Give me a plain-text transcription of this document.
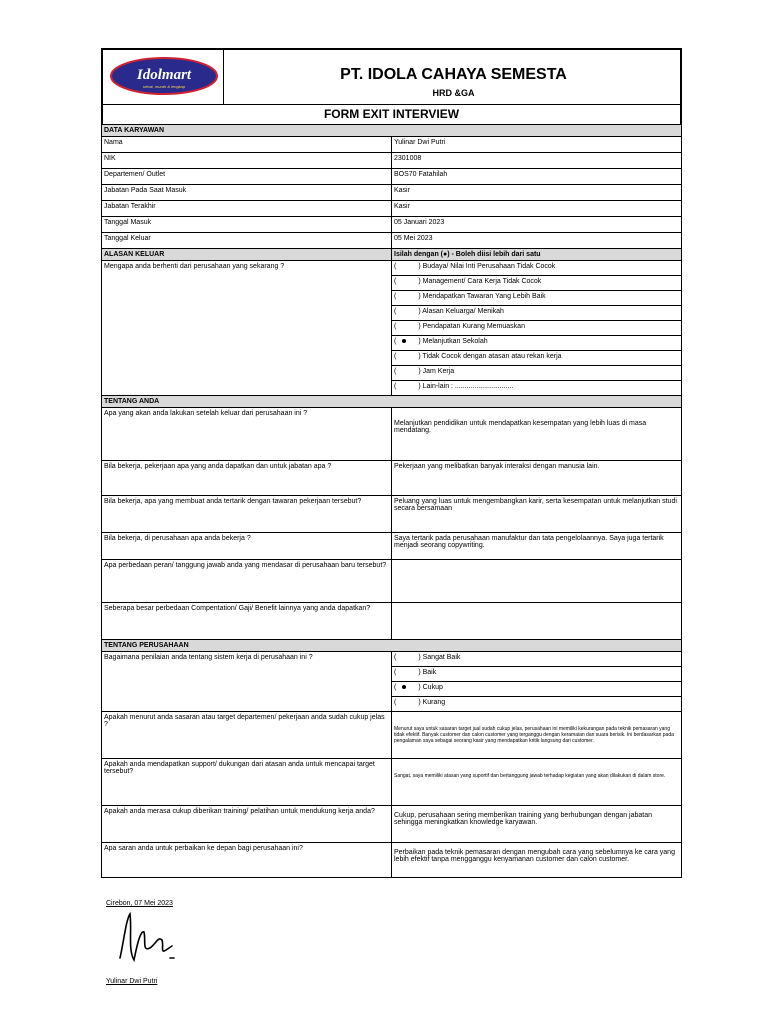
Idolmart
sehat, murah & lengkap
PT. IDOLA CAHAYA SEMESTA
HRD &GA
FORM EXIT INTERVIEW
DATA KARYAWAN	
Nama	Yulinar Dwi Putri
NIK	2301008
Departemen/ Outlet	BOS70 Fatahilah
Jabatan Pada Saat Masuk	Kasir
Jabatan Terakhir	Kasir
Tanggal Masuk	05 Januari 2023
Tanggal Keluar	05 Mei 2023
ALASAN KELUAR	Isilah dengan (●) - Boleh diisi lebih dari satu
Mengapa anda berhenti dari perusahaan yang sekarang ?	( ) Budaya/ Nilai Inti Perusahaan Tidak Cocok

( ) Management/ Cara Kerja Tidak Cocok

( ) Mendapatkan Tawaran Yang Lebih Baik

( ) Alasan Keluarga/ Menikah

( ) Pendapatan Kurang Memuaskan

( ) Melanjutkan Sekolah

( ) Tidak Cocok dengan atasan atau rekan kerja

( ) Jam Kerja

( ) Lain-lain : ..............................

TENTANG ANDA	
Apa yang akan anda lakukan setelah keluar dari perusahaan ini ?	Melanjutkan pendidikan untuk mendapatkan kesempatan yang lebih luas di masa mendatang.
Bila bekerja, pekerjaan apa yang anda dapatkan dan untuk jabatan apa ?	Pekerjaan yang melibatkan banyak interaksi dengan manusia lain.
Bila bekerja, apa yang membuat anda tertarik dengan tawaran pekerjaan tersebut?	Peluang yang luas untuk mengembangkan karir, serta kesempatan untuk melanjutkan studi secara bersamaan
Bila bekerja, di perusahaan apa anda bekerja ?	Saya tertarik pada perusahaan manufaktur dan tata pengelolaannya. Saya juga tertarik menjadi seorang copywriting.
Apa perbedaan peran/ tanggung jawab anda yang mendasar di perusahaan baru tersebut?	
Seberapa besar perbedaan Compentation/ Gaji/ Benefit lainnya yang anda dapatkan?	
TENTANG PERUSAHAAN	
Bagaimana penilaian anda tentang sistem kerja di perusahaan ini ?	( ) Sangat Baik

( ) Baik

( ) Cukup

( ) Kurang

Apakah menurut anda sasaran atau target departemen/ pekerjaan anda sudah cukup jelas ?	Menurut saya untuk sasaran target jual sudah cukup jelas, perusahaan ini memiliki kekurangan pada teknik pemasaran yang tidak efektif. Banyak customer dan calon customer yang terganggu dengan keramaian dan suara berisik. Ini berdasarkan pada pengalaman saya sebagai seorang kasir yang mendapatkan kritik langsung dari customer.
Apakah anda mendapatkan support/ dukungan dari atasan anda untuk mencapai target tersebut?	Sangat, saya memiliki atasan yang suportif dan bertanggung jawab terhadap kegiatan yang akan dilakukan di dalam store.
Apakah anda merasa cukup diberikan training/ pelatihan untuk mendukung kerja anda?	Cukup, perusahaan sering memberikan training yang berhubungan dengan jabatan sehingga meningkatkan knowledge karyawan.
Apa saran anda untuk perbaikan ke depan bagi perusahaan ini?	Perbaikan pada teknik pemasaran dengan mengubah cara yang sebelumnya ke cara yang lebih efektif tanpa mengganggu kenyamanan customer dan calon customer.
Cirebon, 07 Mei 2023
Yulinar Dwi Putri
